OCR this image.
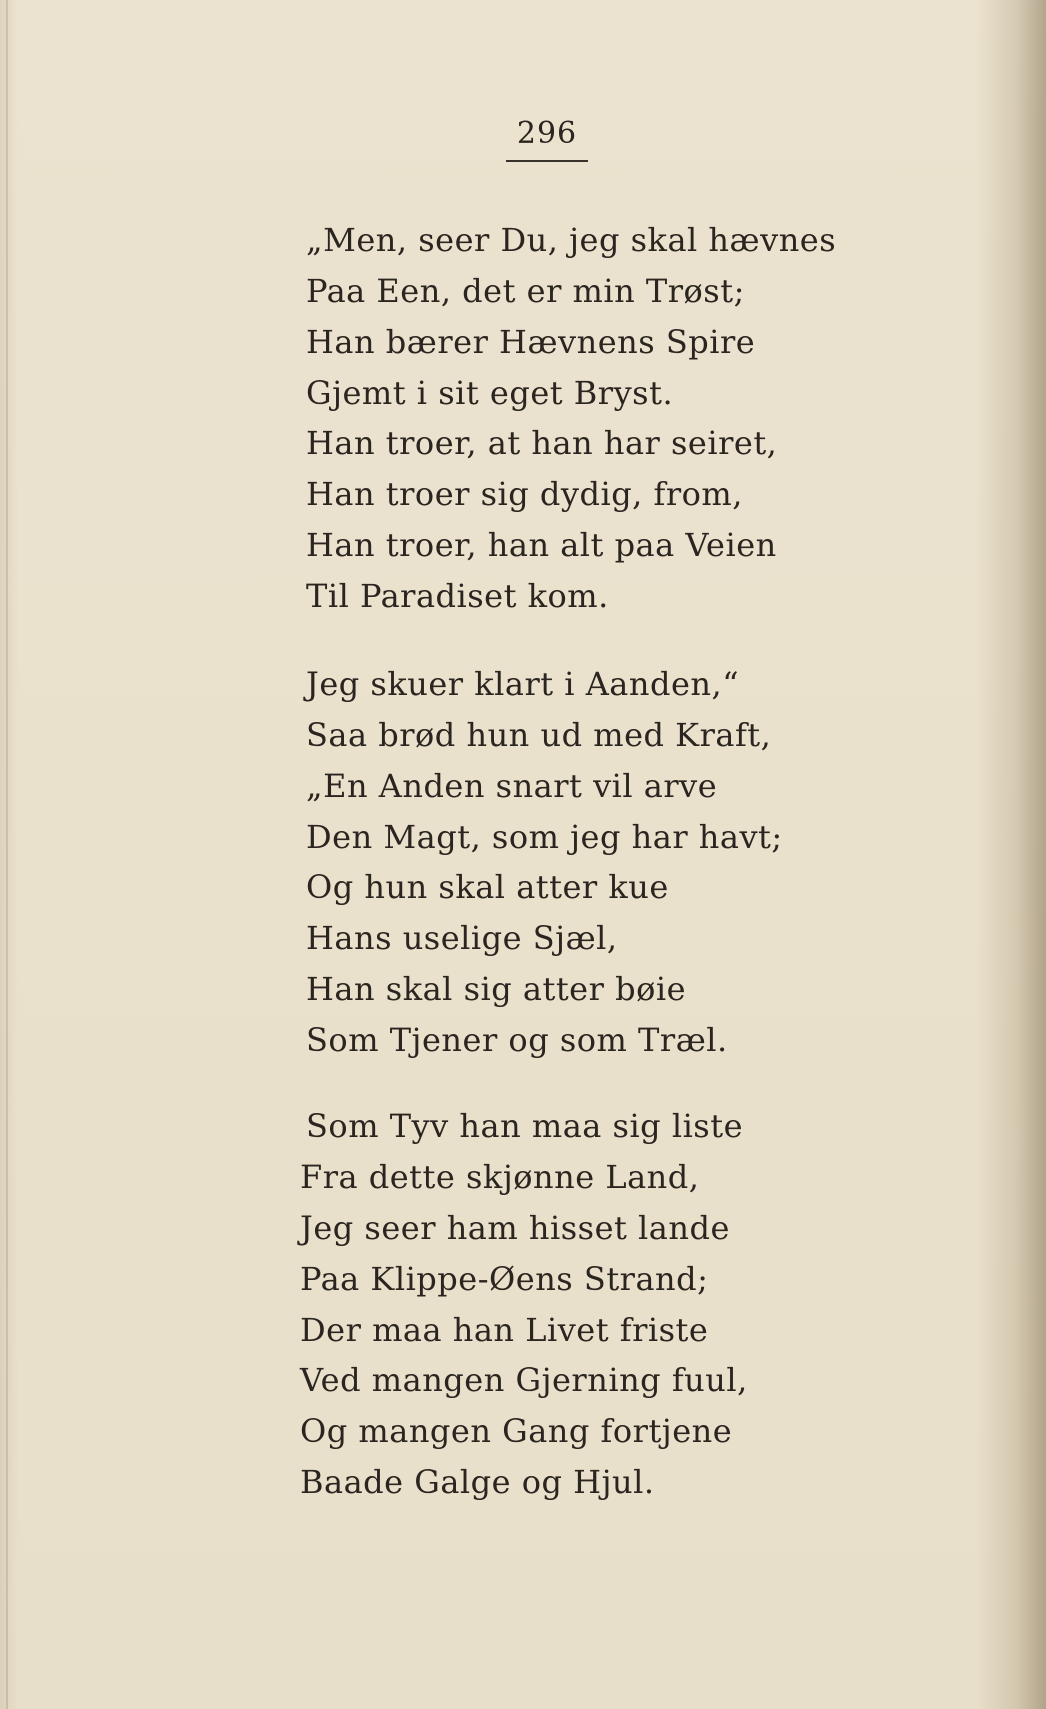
296
„Men, seer Du, jeg skal hævnes
Paa Een, det er min Trøst;
Han bærer Hævnens Spire
Gjemt i sit eget Bryst.
Han troer, at han har seiret,
Han troer sig dydig, from,
Han troer, han alt paa Veien
Til Paradiset kom.
Jeg skuer klart i Aanden,“
Saa brød hun ud med Kraft,
„En Anden snart vil arve
Den Magt, som jeg har havt;
Og hun skal atter kue
Hans uselige Sjæl,
Han skal sig atter bøie
Som Tjener og som Træl.
Som Tyv han maa sig liste
Fra dette skjønne Land,
Jeg seer ham hisset lande
Paa Klippe-Øens Strand;
Der maa han Livet friste
Ved mangen Gjerning fuul,
Og mangen Gang fortjene
Baade Galge og Hjul.
